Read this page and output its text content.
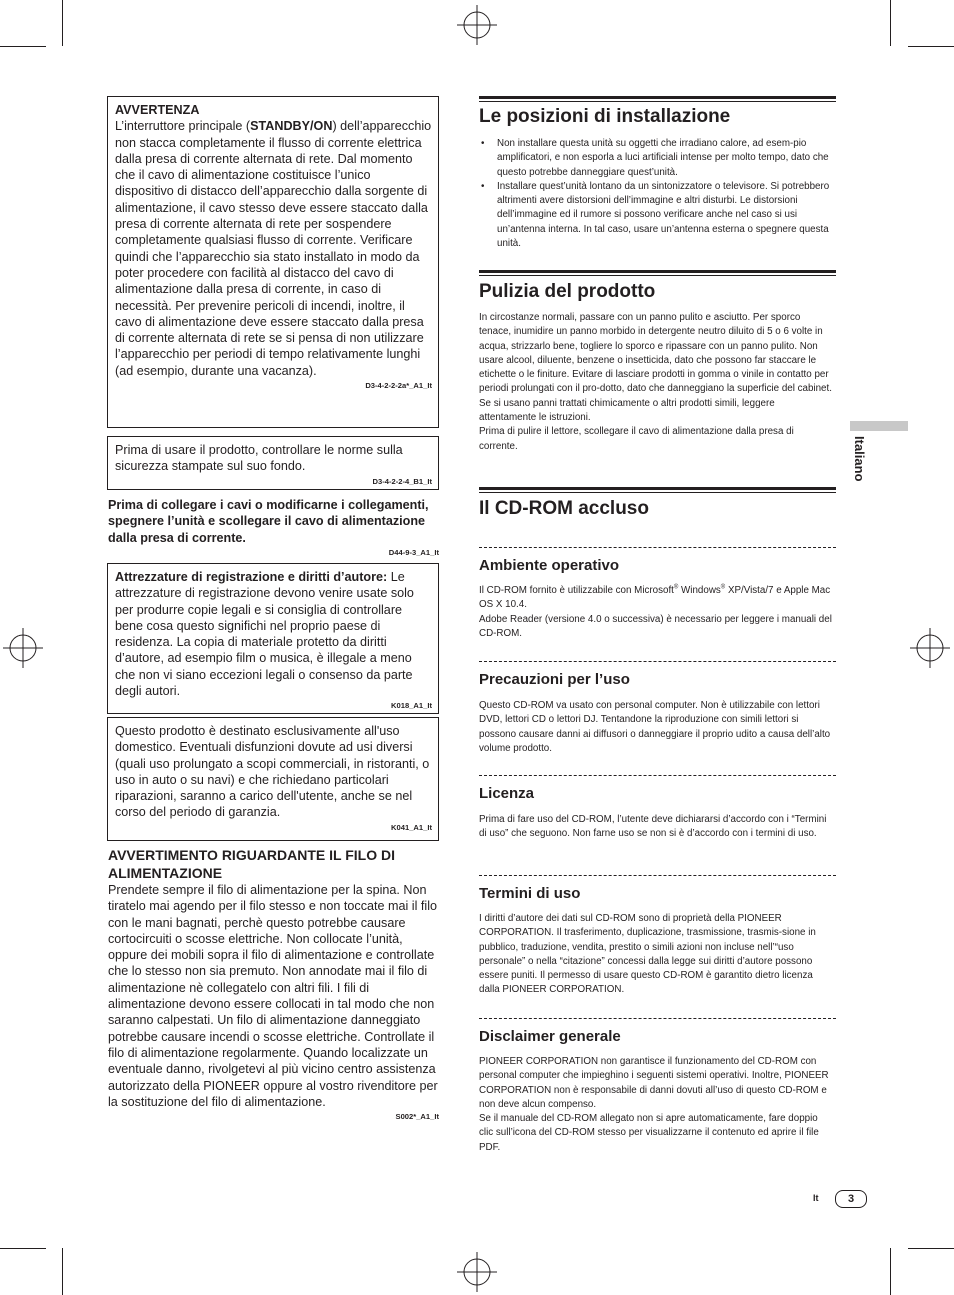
AVVERTENZA
L’interruttore principale (STANDBY/ON) dell’apparecchio non stacca completamente il flusso di corrente elettrica dalla presa di corrente alternata di rete. Dal momento che il cavo di alimentazione costituisce l’unico dispositivo di distacco dell’apparecchio dalla sorgente di alimentazione, il cavo stesso deve essere staccato dalla presa di corrente alternata di rete per sospendere completamente qualsiasi flusso di corrente. Verificare quindi che l’apparecchio sia stato installato in modo da poter procedere con facilità al distacco del cavo di alimentazione dalla presa di corrente, in caso di necessità. Per prevenire pericoli di incendi, inoltre, il cavo di alimentazione deve essere staccato dalla presa di corrente alternata di rete se si pensa di non utilizzare l’apparecchio per periodi di tempo relativamente lunghi (ad esempio, durante una vacanza).

D3-4-2-2-2a*_A1_It

Prima di usare il prodotto, controllare le norme sulla sicurezza stampate sul suo fondo.

D3-4-2-2-4_B1_It
Prima di collegare i cavi o modificarne i collegamenti, spegnere l’unità e scollegare il cavo di alimentazione dalla presa di corrente.
D44-9-3_A1_It

Attrezzature di registrazione e diritti d’autore: Le attrezzature di registrazione devono venire usate solo per produrre copie legali e si consiglia di controllare bene cosa questo significhi nel proprio paese di residenza. La copia di materiale protetto da diritti d’autore, ad esempio film o musica, è illegale a meno che non vi siano eccezioni legali o consenso da parte degli autori.

K018_A1_It

Questo prodotto è destinato esclusivamente all'uso domestico. Eventuali disfunzioni dovute ad usi diversi (quali uso prolungato a scopi commerciali, in ristoranti, o uso in auto o su navi) e che richiedano particolari riparazioni, saranno a carico dell'utente, anche se nel corso del periodo di garanzia.

K041_A1_It
AVVERTIMENTO RIGUARDANTE IL FILO DI ALIMENTAZIONE
Prendete sempre il filo di alimentazione per la spina. Non tiratelo mai agendo per il filo stesso e non toccate mai il filo con le mani bagnati, perchè questo potrebbe causare cortocircuiti o scosse elettriche. Non collocate l’unità, oppure dei mobili sopra il filo di alimentazione e controllate che lo stesso non sia premuto. Non annodate mai il filo di alimentazione nè collegatelo con altri fili. I fili di alimentazione devono essere collocati in tal modo che non saranno calpestati. Un filo di alimentazione danneggiato potrebbe causare incendi o scosse elettriche. Controllate il filo di alimentazione regolarmente. Quando localizzate un eventuale danno, rivolgetevi al più vicino centro assistenza autorizzato della PIONEER oppure al vostro rivenditore per la sostituzione del filo di alimentazione.
S002*_A1_It
Le posizioni di installazione
• Non installare questa unità su oggetti che irradiano calore, ad esem-pio amplificatori, e non esporla a luci artificiali intense per molto tempo, dato che questo potrebbe danneggiare quest’unità.
• Installare quest’unità lontano da un sintonizzatore o televisore. Si potrebbero altrimenti avere distorsioni dell’immagine e altri disturbi. Le distorsioni dell’immagine ed il rumore si possono verificare anche nel caso si usi un’antenna interna. In tal caso, usare un’antenna esterna o spegnere questa unità.
Pulizia del prodotto

In circostanze normali, passare con un panno pulito e asciutto. Per sporco tenace, inumidire un panno morbido in detergente neutro diluito di 5 o 6 volte in acqua, strizzarlo bene, togliere lo sporco e ripassare con un panno pulito. Non usare alcool, diluente, benzene o insetticida, dato che possono far staccare le etichette o le finiture. Evitare di lasciare prodotti in gomma o vinile in contatto per periodi prolungati con il pro-dotto, dato che danneggiano la superficie del cabinet. Se si usano panni trattati chimicamente o altri prodotti simili, leggere attentamente le istruzioni.

Prima di pulire il lettore, scollegare il cavo di alimentazione dalla presa di corrente.

Il CD-ROM accluso
Ambiente operativo

Il CD-ROM fornito è utilizzabile con Microsoft® Windows® XP/Vista/7 e Apple Mac OS X 10.4.

Adobe Reader (versione 4.0 o successiva) è necessario per leggere i manuali del CD-ROM.

Precauzioni per l’uso
Questo CD-ROM va usato con personal computer. Non è utilizzabile con lettori DVD, lettori CD o lettori DJ. Tentandone la riproduzione con simili lettori si possono causare danni ai diffusori o danneggiare il proprio udito a causa dell’alto volume prodotto.
Licenza
Prima di fare uso del CD-ROM, l’utente deve dichiararsi d’accordo con i “Termini di uso” che seguono. Non farne uso se non si è d’accordo con i termini di uso.
Termini di uso
I diritti d’autore dei dati sul CD-ROM sono di proprietà della PIONEER CORPORATION. Il trasferimento, duplicazione, trasmissione, trasmis-sione in pubblico, traduzione, vendita, prestito o simili azioni non incluse nell’“uso personale” o nella “citazione” concessi dalla legge sui diritti d’autore possono essere puniti. Il permesso di usare questo CD-ROM è garantito dietro licenza dalla PIONEER CORPORATION.
Disclaimer generale

PIONEER CORPORATION non garantisce il funzionamento del CD-ROM con personal computer che impieghino i seguenti sistemi operativi. Inoltre, PIONEER CORPORATION non è responsabile di danni dovuti all’uso di questo CD-ROM e non deve alcun compenso.

Se il manuale del CD-ROM allegato non si apre automaticamente, fare doppio clic sull’icona del CD-ROM stesso per visualizzarne il contenuto ed aprire il file PDF.

Italiano
It	3
